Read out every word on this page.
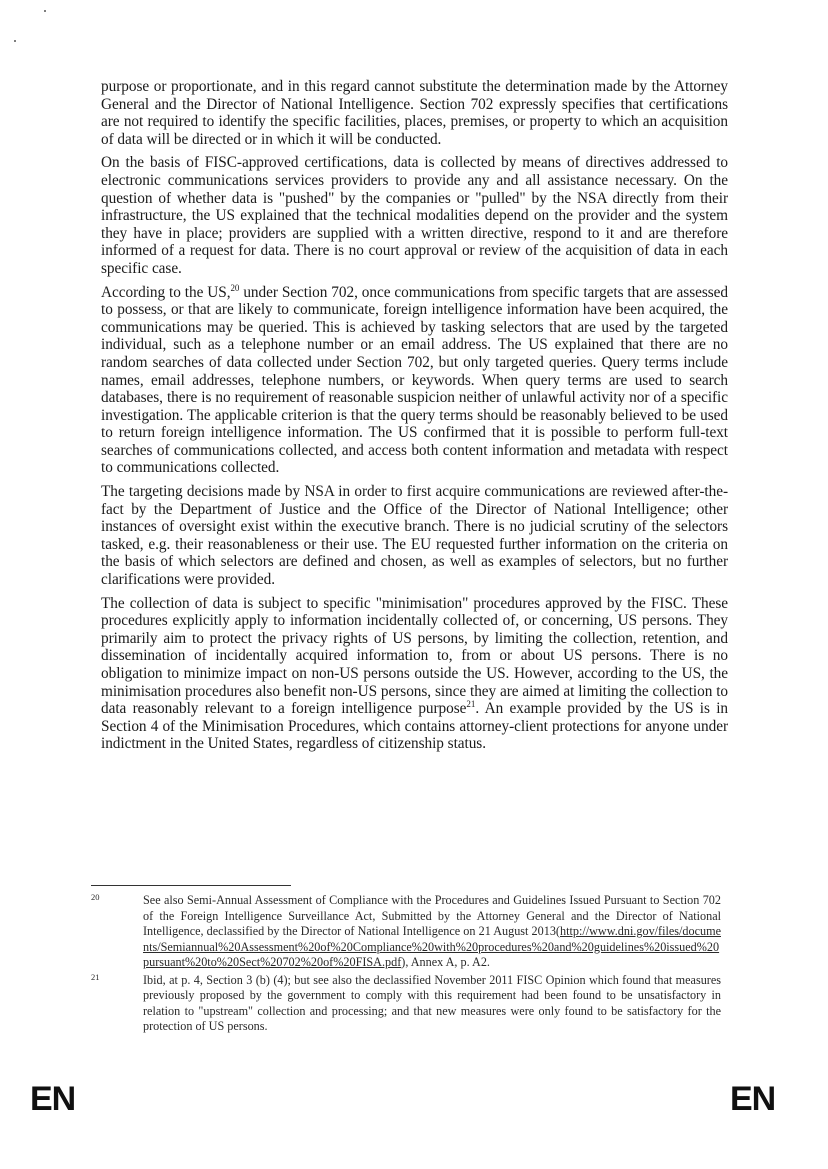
purpose or proportionate, and in this regard cannot substitute the determination made by the Attorney General and the Director of National Intelligence. Section 702 expressly specifies that certifications are not required to identify the specific facilities, places, premises, or property to which an acquisition of data will be directed or in which it will be conducted.

On the basis of FISC-approved certifications, data is collected by means of directives addressed to electronic communications services providers to provide any and all assistance necessary. On the question of whether data is "pushed" by the companies or "pulled" by the NSA directly from their infrastructure, the US explained that the technical modalities depend on the provider and the system they have in place; providers are supplied with a written directive, respond to it and are therefore informed of a request for data. There is no court approval or review of the acquisition of data in each specific case.

According to the US,$^{20}$ under Section 702, once communications from specific targets that are assessed to possess, or that are likely to communicate, foreign intelligence information have been acquired, the communications may be queried. This is achieved by tasking selectors that are used by the targeted individual, such as a telephone number or an email address. The US explained that there are no random searches of data collected under Section 702, but only targeted queries. Query terms include names, email addresses, telephone numbers, or keywords. When query terms are used to search databases, there is no requirement of reasonable suspicion neither of unlawful activity nor of a specific investigation. The applicable criterion is that the query terms should be reasonably believed to be used to return foreign intelligence information. The US confirmed that it is possible to perform full-text searches of communications collected, and access both content information and metadata with respect to communications collected.

The targeting decisions made by NSA in order to first acquire communications are reviewed after-the-fact by the Department of Justice and the Office of the Director of National Intelligence; other instances of oversight exist within the executive branch. There is no judicial scrutiny of the selectors tasked, e.g. their reasonableness or their use. The EU requested further information on the criteria on the basis of which selectors are defined and chosen, as well as examples of selectors, but no further clarifications were provided.

The collection of data is subject to specific "minimisation" procedures approved by the FISC. These procedures explicitly apply to information incidentally collected of, or concerning, US persons. They primarily aim to protect the privacy rights of US persons, by limiting the collection, retention, and dissemination of incidentally acquired information to, from or about US persons. There is no obligation to minimize impact on non-US persons outside the US. However, according to the US, the minimisation procedures also benefit non-US persons, since they are aimed at limiting the collection to data reasonably relevant to a foreign intelligence purpose$^{21}$. An example provided by the US is in Section 4 of the Minimisation Procedures, which contains attorney-client protections for anyone under indictment in the United States, regardless of citizenship status.

20	See also Semi-Annual Assessment of Compliance with the Procedures and Guidelines Issued Pursuant to Section 702 of the Foreign Intelligence Surveillance Act, Submitted by the Attorney General and the Director of National Intelligence, declassified by the Director of National Intelligence on 21 August 2013(http://www.dni.gov/files/documents/Semiannual%20Assessment%20of%20Compliance%20with%20procedures%20and%20guidelines%20issued%20pursuant%20to%20Sect%20702%20of%20FISA.pdf), Annex A, p. A2.

21	Ibid, at p. 4, Section 3 (b) (4); but see also the declassified November 2011 FISC Opinion which found that measures previously proposed by the government to comply with this requirement had been found to be unsatisfactory in relation to "upstream" collection and processing; and that new measures were only found to be satisfactory for the protection of US persons.

EN	EN
